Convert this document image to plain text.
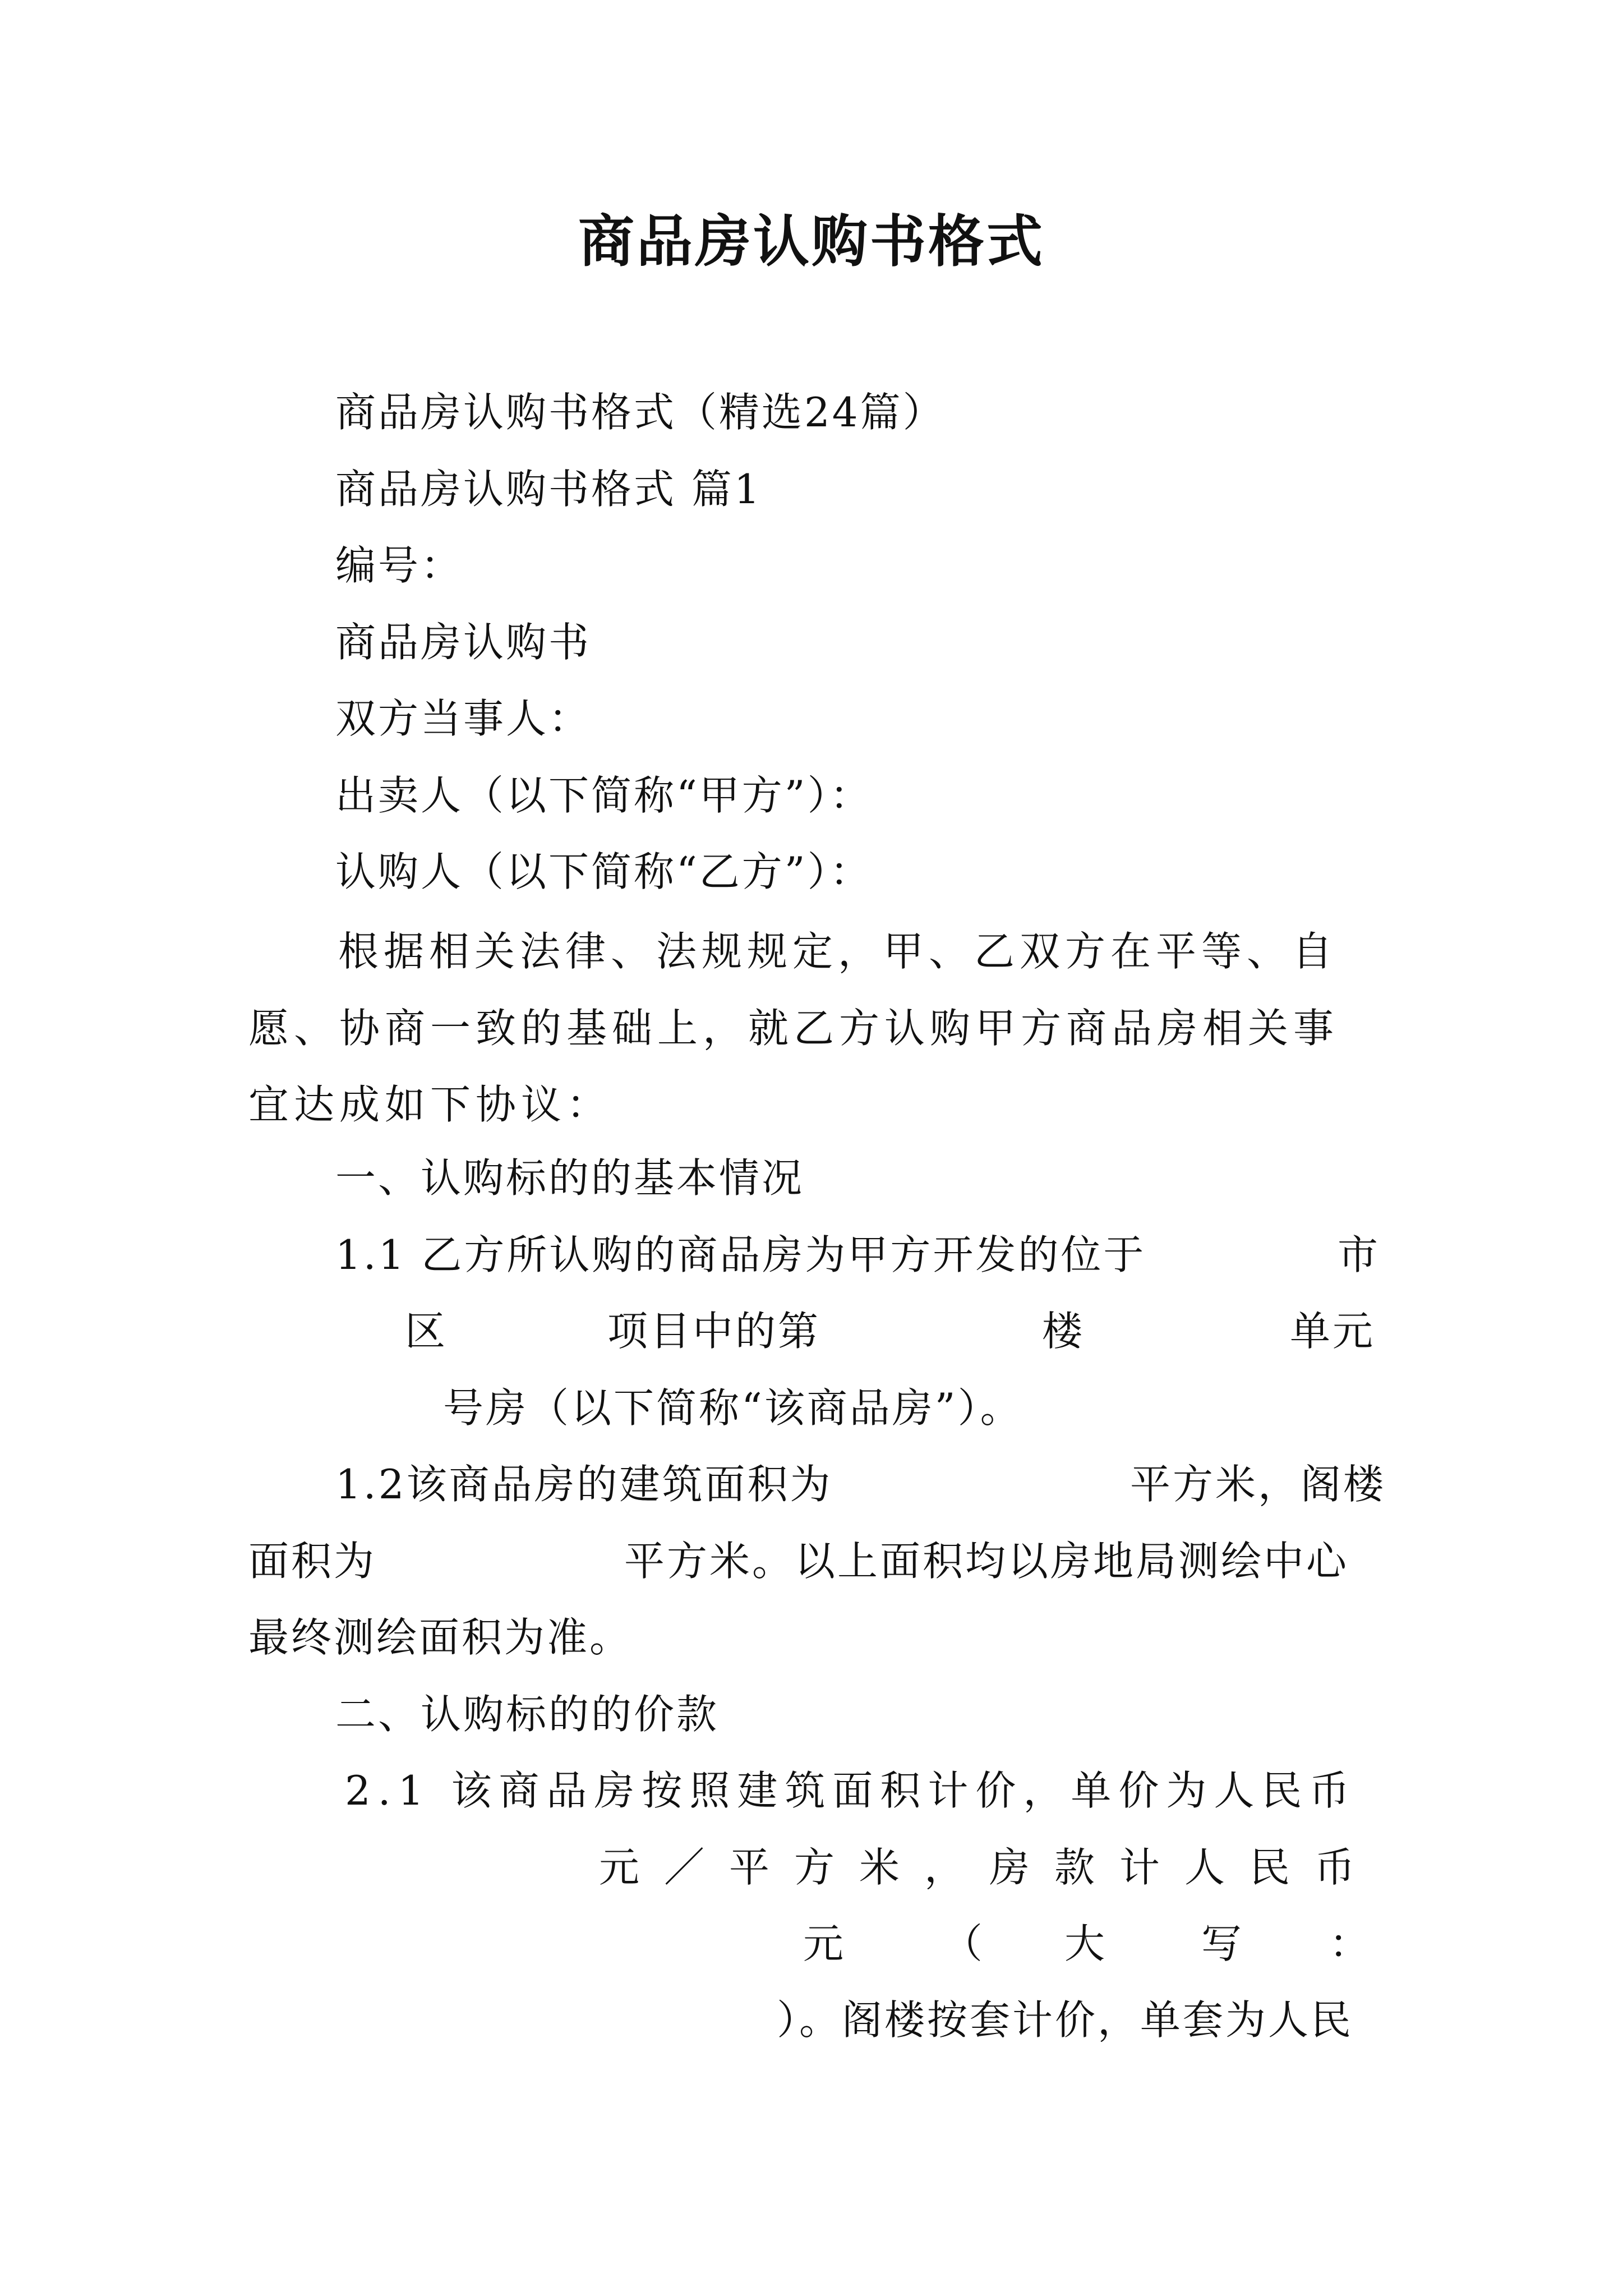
商品房认购书格式
商品房认购书格式（精选24篇）
商品房认购书格式 篇1
编号：
商品房认购书
双方当事人：
出卖人（以下简称“甲方”）：
认购人（以下简称“乙方”）：
根据相关法律、法规规定，甲、乙双方在平等、自愿、协商一致的基础上，就乙方认购甲方商品房相关事宜达成如下协议：
一、认购标的的基本情况
1.1 乙方所认购的商品房为甲方开发的位于	市
区	项目中的第	楼	单元
号房（以下简称“该商品房”）。
1.2该商品房的建筑面积为	平方米，阁楼
面积为	平方米。以上面积均以房地局测绘中心
最终测绘面积为准。
二、认购标的的价款
2.1 该商品房按照建筑面积计价，单价为人民币
元／平方米，房款计人民币
元 （ 大 写 ：
）。阁楼按套计价，单套为人民
